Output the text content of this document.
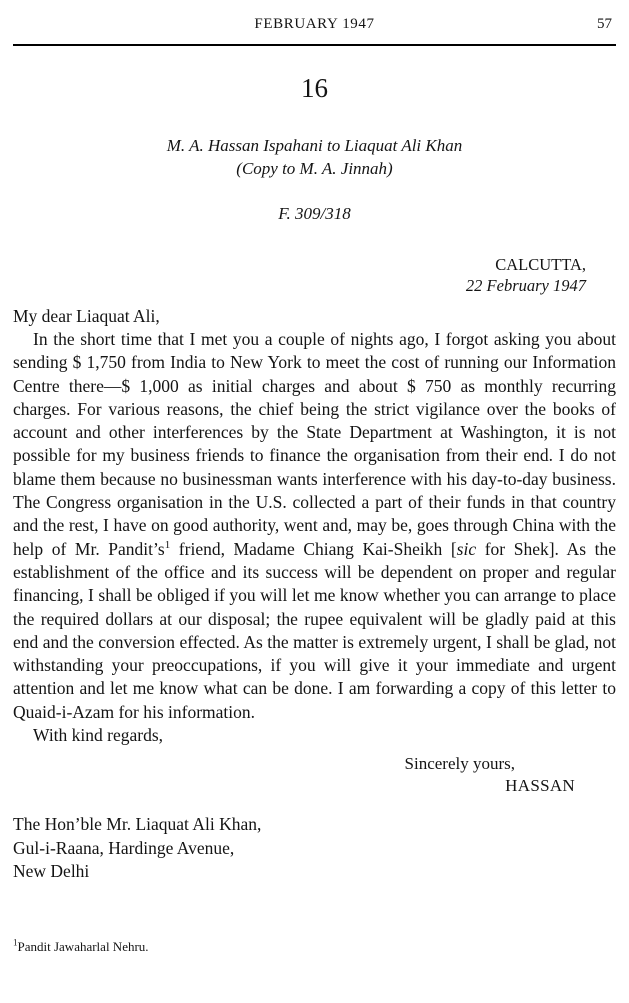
FEBRUARY 1947	57
16
M. A. Hassan Ispahani to Liaquat Ali Khan
(Copy to M. A. Jinnah)
F. 309/318
CALCUTTA,
22 February 1947
My dear Liaquat Ali,

In the short time that I met you a couple of nights ago, I forgot asking you about sending $ 1,750 from India to New York to meet the cost of running our Information Centre there—$ 1,000 as initial charges and about $ 750 as monthly recurring charges. For various reasons, the chief being the strict vigilance over the books of account and other interferences by the State Department at Washington, it is not possible for my business friends to finance the organisation from their end. I do not blame them because no businessman wants interference with his day-to-day business. The Congress organisation in the U.S. collected a part of their funds in that country and the rest, I have on good authority, went and, may be, goes through China with the help of Mr. $Pandit’s^1$ friend, Madame Chiang Kai-Sheikh [sic for Shek]. As the establishment of the office and its success will be dependent on proper and regular financing, I shall be obliged if you will let me know whether you can arrange to place the required dollars at our disposal; the rupee equivalent will be gladly paid at this end and the conversion effected. As the matter is extremely urgent, I shall be glad, not withstanding your preoccupations, if you will give it your immediate and urgent attention and let me know what can be done. I am forwarding a copy of this letter to Quaid-i-Azam for his information.

With kind regards,
Sincerely yours,
HASSAN
The Hon’ble Mr. Liaquat Ali Khan,
Gul-i-Raana, Hardinge Avenue,
New Delhi
$^1$Pandit Jawaharlal Nehru.
